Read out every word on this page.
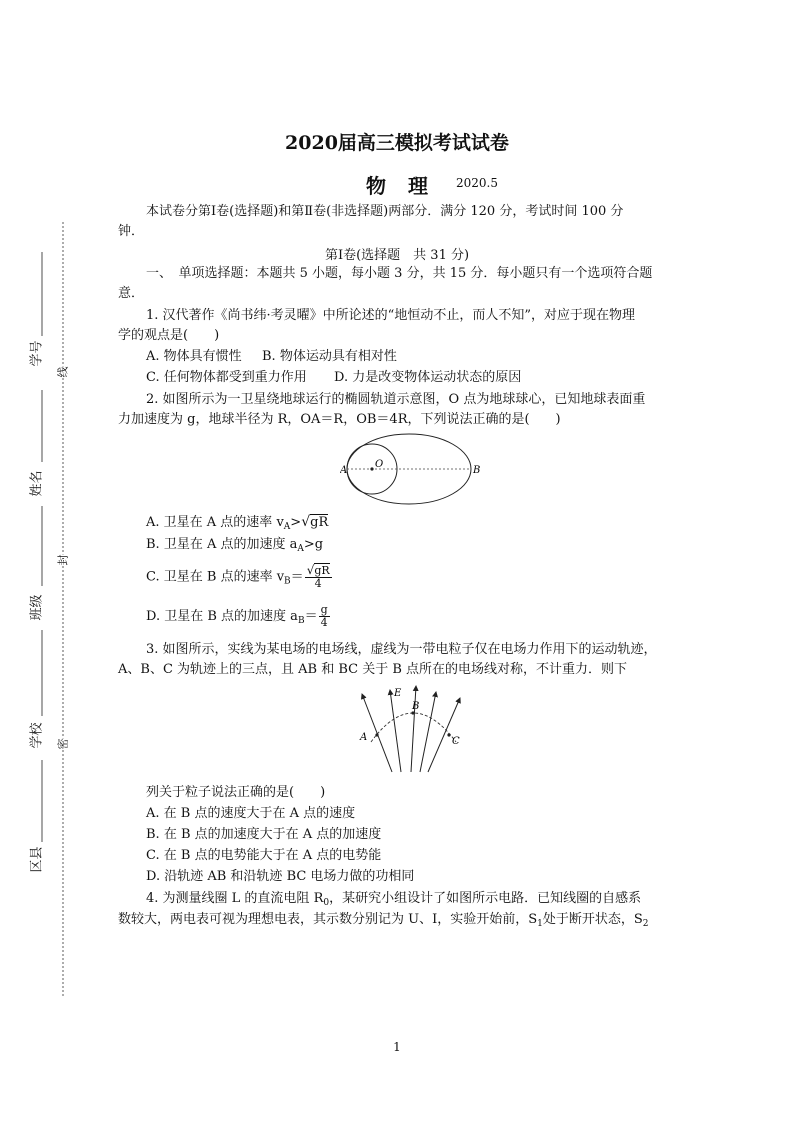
学号
姓名
班级
学校
区县
线
封
密
2020届高三模拟考试试卷
物理 2020.5
本试卷分第Ⅰ卷(选择题)和第Ⅱ卷(非选择题)两部分．满分 120 分，考试时间 100 分
钟．
第Ⅰ卷(选择题　共 31 分)
一、　单项选择题：本题共 5 小题，每小题 3 分，共 15 分．每小题只有一个选项符合题
意．
1. 汉代著作《尚书纬·考灵曜》中所论述的“地恒动不止，而人不知”，对应于现在物理
学的观点是(　　)
A. 物体具有惯性 B. 物体运动具有相对性
C. 任何物体都受到重力作用 D. 力是改变物体运动状态的原因
2. 如图所示为一卫星绕地球运行的椭圆轨道示意图，O 点为地球球心，已知地球表面重
力加速度为 g，地球半径为 R，OA＝R，OB＝4R，下列说法正确的是(　　)
O
A	B
A. 卫星在 A 点的速率 $v_A>√gR$
B. 卫星在 A 点的加速度 $a_A>g$
C. 卫星在 B 点的速率 $v_B= \frac{√gR}{4}$
D. 卫星在 B 点的加速度 $a_B= \frac{g}{4}$
3. 如图所示，实线为某电场的电场线，虚线为一带电粒子仅在电场力作用下的运动轨迹，
A、B、C 为轨迹上的三点，且 AB 和 BC 关于 B 点所在的电场线对称，不计重力．则下
E
A
B
C
列关于粒子说法正确的是(　　)
A. 在 B 点的速度大于在 A 点的速度
B. 在 B 点的加速度大于在 A 点的加速度
C. 在 B 点的电势能大于在 A 点的电势能
D. 沿轨迹 AB 和沿轨迹 BC 电场力做的功相同
4. 为测量线圈 L 的直流电阻 $R_0$，某研究小组设计了如图所示电路．已知线圈的自感系
数较大，两电表可视为理想电表，其示数分别记为 U、I，实验开始前，$S_1$处于断开状态，$S_2$
1
